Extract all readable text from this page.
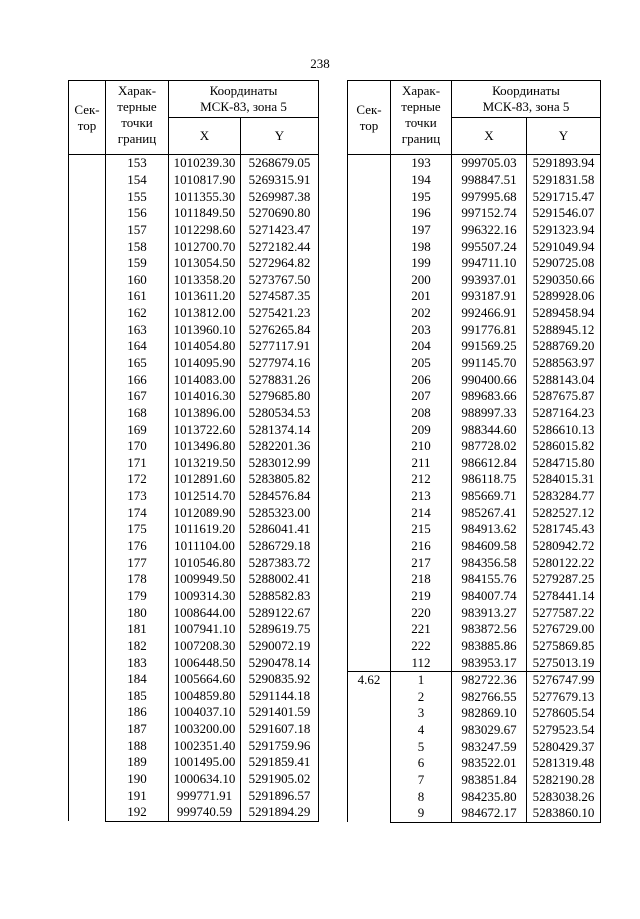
238
Сек-
тор	Харак-
терные
точки
границ	Координаты
МСК-83, зона 5	
		X	Y
	153	1010239.30	5268679.05
	154	1010817.90	5269315.91
	155	1011355.30	5269987.38
	156	1011849.50	5270690.80
	157	1012298.60	5271423.47
	158	1012700.70	5272182.44
	159	1013054.50	5272964.82
	160	1013358.20	5273767.50
	161	1013611.20	5274587.35
	162	1013812.00	5275421.23
	163	1013960.10	5276265.84
	164	1014054.80	5277117.91
	165	1014095.90	5277974.16
	166	1014083.00	5278831.26
	167	1014016.30	5279685.80
	168	1013896.00	5280534.53
	169	1013722.60	5281374.14
	170	1013496.80	5282201.36
	171	1013219.50	5283012.99
	172	1012891.60	5283805.82
	173	1012514.70	5284576.84
	174	1012089.90	5285323.00
	175	1011619.20	5286041.41
	176	1011104.00	5286729.18
	177	1010546.80	5287383.72
	178	1009949.50	5288002.41
	179	1009314.30	5288582.83
	180	1008644.00	5289122.67
	181	1007941.10	5289619.75
	182	1007208.30	5290072.19
	183	1006448.50	5290478.14
	184	1005664.60	5290835.92
	185	1004859.80	5291144.18
	186	1004037.10	5291401.59
	187	1003200.00	5291607.18
	188	1002351.40	5291759.96
	189	1001495.00	5291859.41
	190	1000634.10	5291905.02
	191	999771.91	5291896.57
	192	999740.59	5291894.29
Сек-
тор	Харак-
терные
точки
границ	Координаты
МСК-83, зона 5	
		X	Y
	193	999705.03	5291893.94
	194	998847.51	5291831.58
	195	997995.68	5291715.47
	196	997152.74	5291546.07
	197	996322.16	5291323.94
	198	995507.24	5291049.94
	199	994711.10	5290725.08
	200	993937.01	5290350.66
	201	993187.91	5289928.06
	202	992466.91	5289458.94
	203	991776.81	5288945.12
	204	991569.25	5288769.20
	205	991145.70	5288563.97
	206	990400.66	5288143.04
	207	989683.66	5287675.87
	208	988997.33	5287164.23
	209	988344.60	5286610.13
	210	987728.02	5286015.82
	211	986612.84	5284715.80
	212	986118.75	5284015.31
	213	985669.71	5283284.77
	214	985267.41	5282527.12
	215	984913.62	5281745.43
	216	984609.58	5280942.72
	217	984356.58	5280122.22
	218	984155.76	5279287.25
	219	984007.74	5278441.14
	220	983913.27	5277587.22
	221	983872.56	5276729.00
	222	983885.86	5275869.85
	112	983953.17	5275013.19
4.62	1	982722.36	5276747.99
	2	982766.55	5277679.13
	3	982869.10	5278605.54
	4	983029.67	5279523.54
	5	983247.59	5280429.37
	6	983522.01	5281319.48
	7	983851.84	5282190.28
	8	984235.80	5283038.26
	9	984672.17	5283860.10
